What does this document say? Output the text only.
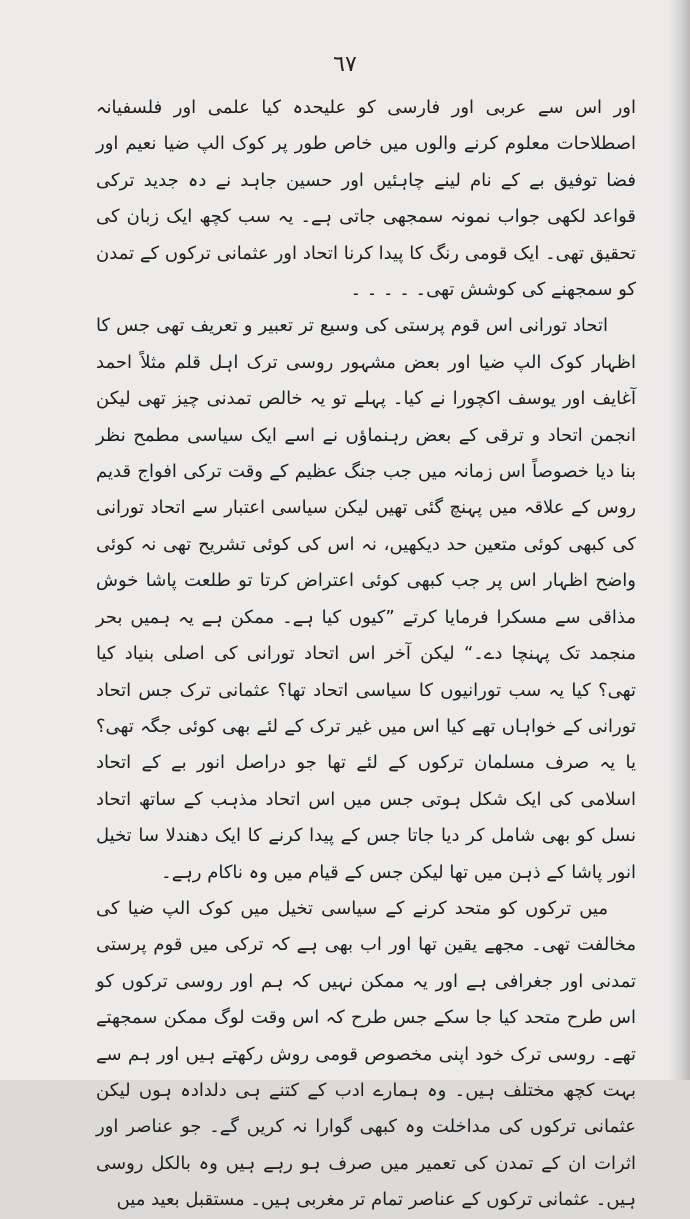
٦٧

اور اس سے عربی اور فارسی کو علیحدہ کیا علمی اور فلسفیانہ اصطلاحات معلوم کرنے والوں میں خاص طور پر کوک الپ ضیا نعیم اور فضا توفیق بے کے نام لینے چاہئیں اور حسین جاہد نے دہ جدید ترکی قواعد لکھی جواب نمونہ سمجھی جاتی ہے۔ یہ سب کچھ ایک زبان کی تحقیق تھی۔ ایک قومی رنگ کا پیدا کرنا اتحاد اور عثمانی ترکوں کے تمدن کو سمجھنے کی کوشش تھی۔ ۔ ۔ ۔ ۔

اتحاد تورانی اس قوم پرستی کی وسیع تر تعبیر و تعریف تھی جس کا اظہار کوک الپ ضیا اور بعض مشہور روسی ترک اہل قلم مثلاً احمد آغایف اور یوسف اکچورا نے کیا۔ پہلے تو یہ خالص تمدنی چیز تھی لیکن انجمن اتحاد و ترقی کے بعض رہنماؤں نے اسے ایک سیاسی مطمح نظر بنا دیا خصوصاً اس زمانہ میں جب جنگ عظیم کے وقت ترکی افواج قدیم روس کے علاقہ میں پہنچ گئی تھیں لیکن سیاسی اعتبار سے اتحاد تورانی کی کبھی کوئی متعین حد دیکھیں، نہ اس کی کوئی تشریح تھی نہ کوئی واضح اظہار اس پر جب کبھی کوئی اعتراض کرتا تو طلعت پاشا خوش مذاقی سے مسکرا فرمایا کرتے ”کیوں کیا ہے۔ ممکن ہے یہ ہمیں بحر منجمد تک پہنچا دے۔“ لیکن آخر اس اتحاد تورانی کی اصلی بنیاد کیا تھی؟ کیا یہ سب تورانیوں کا سیاسی اتحاد تھا؟ عثمانی ترک جس اتحاد تورانی کے خواہاں تھے کیا اس میں غیر ترک کے لئے بھی کوئی جگہ تھی؟ یا یہ صرف مسلمان ترکوں کے لئے تھا جو دراصل انور بے کے اتحاد اسلامی کی ایک شکل ہوتی جس میں اس اتحاد مذہب کے ساتھ اتحاد نسل کو بھی شامل کر دیا جاتا جس کے پیدا کرنے کا ایک دھندلا سا تخیل انور پاشا کے ذہن میں تھا لیکن جس کے قیام میں وہ ناکام رہے۔

میں ترکوں کو متحد کرنے کے سیاسی تخیل میں کوک الپ ضیا کی مخالفت تھی۔ مجھے یقین تھا اور اب بھی ہے کہ ترکی میں قوم پرستی تمدنی اور جغرافی ہے اور یہ ممکن نہیں کہ ہم اور روسی ترکوں کو اس طرح متحد کیا جا سکے جس طرح کہ اس وقت لوگ ممکن سمجھتے تھے۔ روسی ترک خود اپنی مخصوص قومی روش رکھتے ہیں اور ہم سے بہت کچھ مختلف ہیں۔ وہ ہمارے ادب کے کتنے ہی دلدادہ ہوں لیکن عثمانی ترکوں کی مداخلت وہ کبھی گوارا نہ کریں گے۔ جو عناصر اور اثرات ان کے تمدن کی تعمیر میں صرف ہو رہے ہیں وہ بالکل روسی ہیں۔ عثمانی ترکوں کے عناصر تمام تر مغربی ہیں۔ مستقبل بعید میں
